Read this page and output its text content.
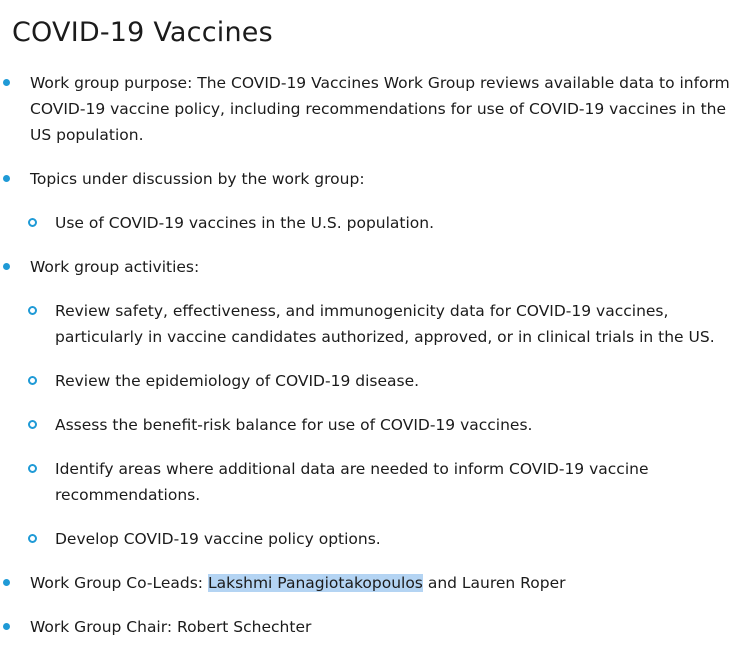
COVID-19 Vaccines
Work group purpose: The COVID-19 Vaccines Work Group reviews available data to inform COVID-19 vaccine policy, including recommendations for use of COVID-19 vaccines in the US population.
Topics under discussion by the work group:
Use of COVID-19 vaccines in the U.S. population.
Work group activities:
Review safety, effectiveness, and immunogenicity data for COVID-19 vaccines, particularly in vaccine candidates authorized, approved, or in clinical trials in the US.
Review the epidemiology of COVID-19 disease.
Assess the benefit-risk balance for use of COVID-19 vaccines.
Identify areas where additional data are needed to inform COVID-19 vaccine recommendations.
Develop COVID-19 vaccine policy options.
Work Group Co-Leads: Lakshmi Panagiotakopoulos and Lauren Roper
Work Group Chair: Robert Schechter
